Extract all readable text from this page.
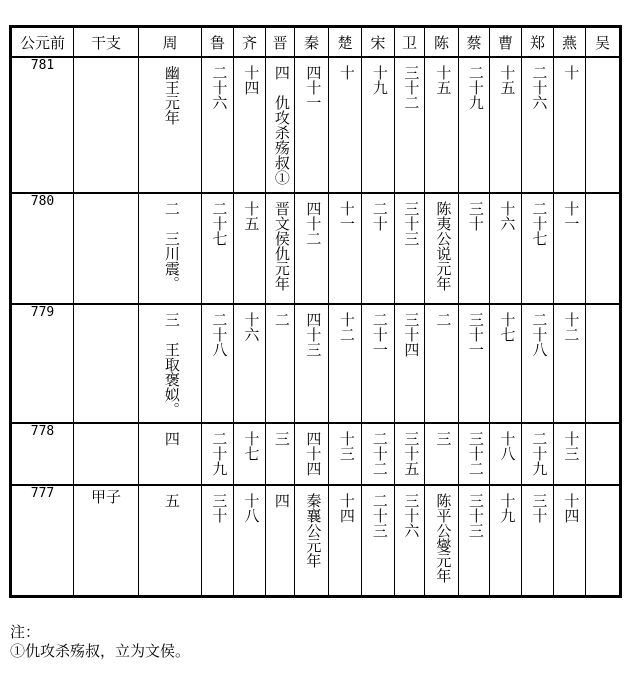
公元前	干支	周	鲁	齐	晋	秦	楚	宋	卫	陈	蔡	曹	郑	燕	吴
781		幽王元年	二十六	十四	四　仇攻杀殇叔①	四十一	十	十九	三十二	十五	二十九	十五	二十六	十	
780		二　三川震。	二十七	十五	晋文侯仇元年	四十二	十一	二十	三十三	陈夷公说元年	三十	十六	二十七	十一	
779		三　王取褒姒。	二十八	十六	二	四十三	十二	二十一	三十四	二	三十一	十七	二十八	十二	
778		四	二十九	十七	三	四十四	十三	二十二	三十五	三	三十二	十八	二十九	十三	
777	甲子	五	三十	十八	四	秦襄公元年	十四	二十三	三十六	陈平公燮元年	三十三	十九	三十	十四	
注：
①仇攻杀殇叔，立为文侯。
